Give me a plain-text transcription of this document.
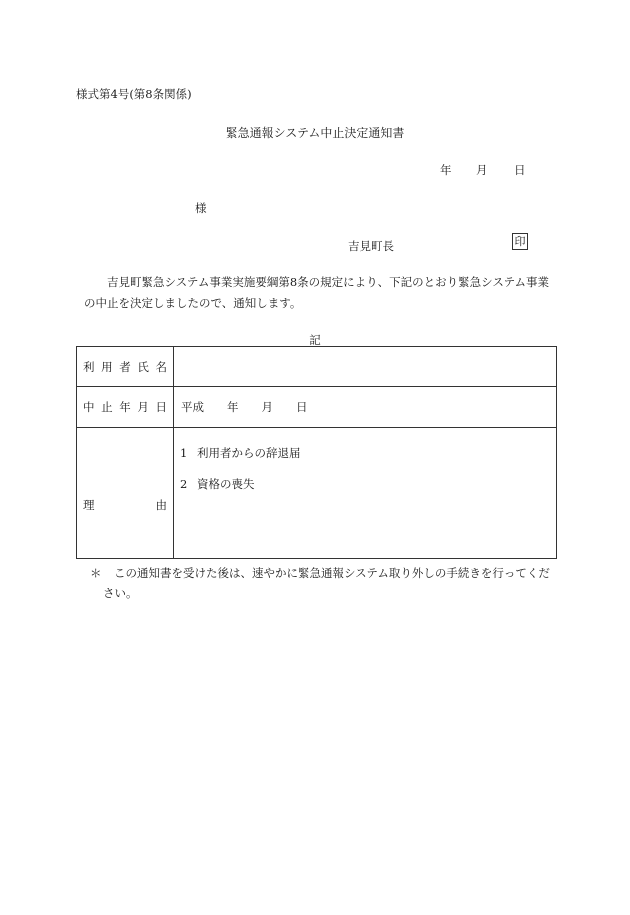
様式第4号(第8条関係)
緊急通報システム中止決定通知書
年 月 日
様
吉見町長	印
吉見町緊急システム事業実施要綱第8条の規定により、下記のとおり緊急システム事業の中止を決定しましたので、通知します。
記
利用者氏名	
中止年月日	平成　　年　　月　　日
理由	1 利用者からの辞退届
2 資格の喪失
＊	この通知書を受けた後は、速やかに緊急通報システム取り外しの手続きを行ってください。
